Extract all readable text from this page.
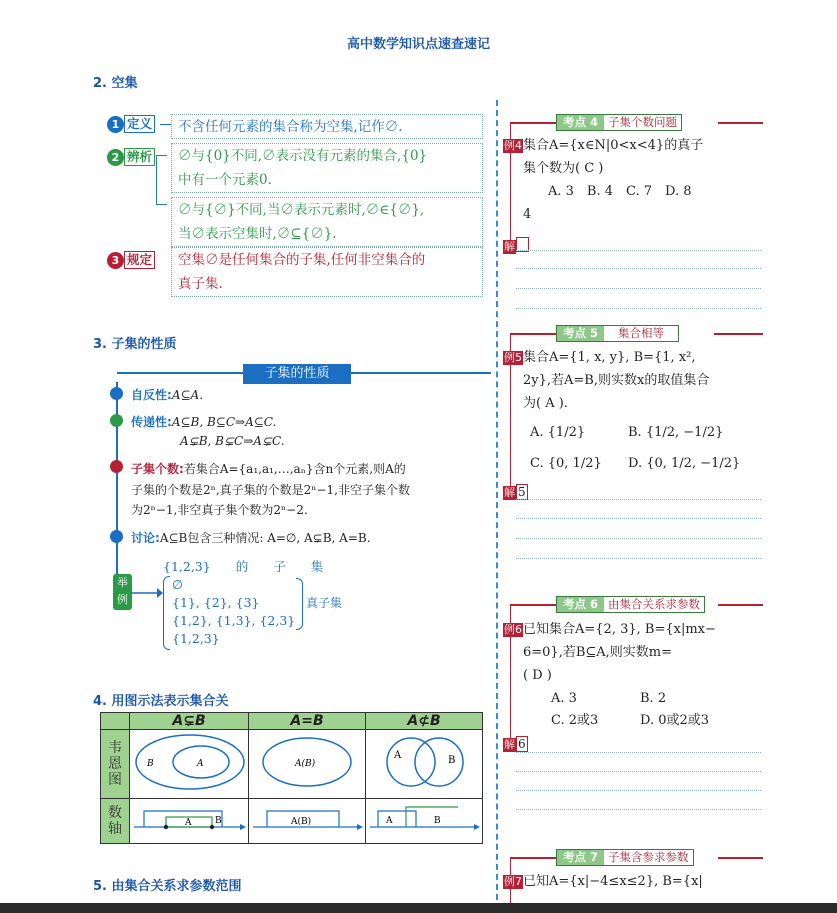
高中数学知识点速查速记
2. 空集
1 定义	不含任何元素的集合称为空集,记作∅.
2 辨析 ∅与{0}不同,∅表示没有元素的集合,{0}
中有一个元素0.
∅与{∅}不同,当∅表示元素时,∅∈{∅},
当∅表示空集时,∅⊆{∅}.
3 规定 空集∅是任何集合的子集,任何非空集合的
真子集.
3. 子集的性质
子集的性质
自反性:A⊆A.
传递性:A⊆B, B⊆C⇒A⊆C.
A⊊B, B⊊C⇒A⊊C.
子集个数:若集合A={a₁,a₁,…,aₙ}含n个元素,则A的
子集的个数是2ⁿ,真子集的个数是2ⁿ−1,非空子集个数
为2ⁿ−1,非空真子集个数为2ⁿ−2.
讨论:A⊆B包含三种情况: A=∅, A⊊B, A=B.
举例
{1,2,3}　　的　　子　　集
∅
{1}, {2}, {3}
{1,2}, {1,3}, {2,3}
{1,2,3}
真子集
4. 用图示法表示集合关
	A⊊B	A=B	A⊄B

韦恩图	B A	A(B)	A B

数轴	A B	A(B)	A B
5. 由集合关系求参数范围
考点 4 子集个数问题
例4集合A={x∈N|0<x<4}的真子
集个数为( C )
A. 3　B. 4　C. 7　D. 8
4
解
考点 5 集合相等
例5集合A={1, x, y}, B={1, x²,
2y},若A=B,则实数x的取值集合
为( A ).
A. {1/2}	B. {1/2, −1/2}
C. {0, 1/2}	D. {0, 1/2, −1/2}
解 5
考点 6 由集合关系求参数
例6已知集合A={2, 3}, B={x|mx−
6=0},若B⊆A,则实数m=
( D )
A. 3	B. 2
C. 2或3	D. 0或2或3
解 6
考点 7 子集含参求参数
例7已知A={x|−4≤x≤2}, B={x|
